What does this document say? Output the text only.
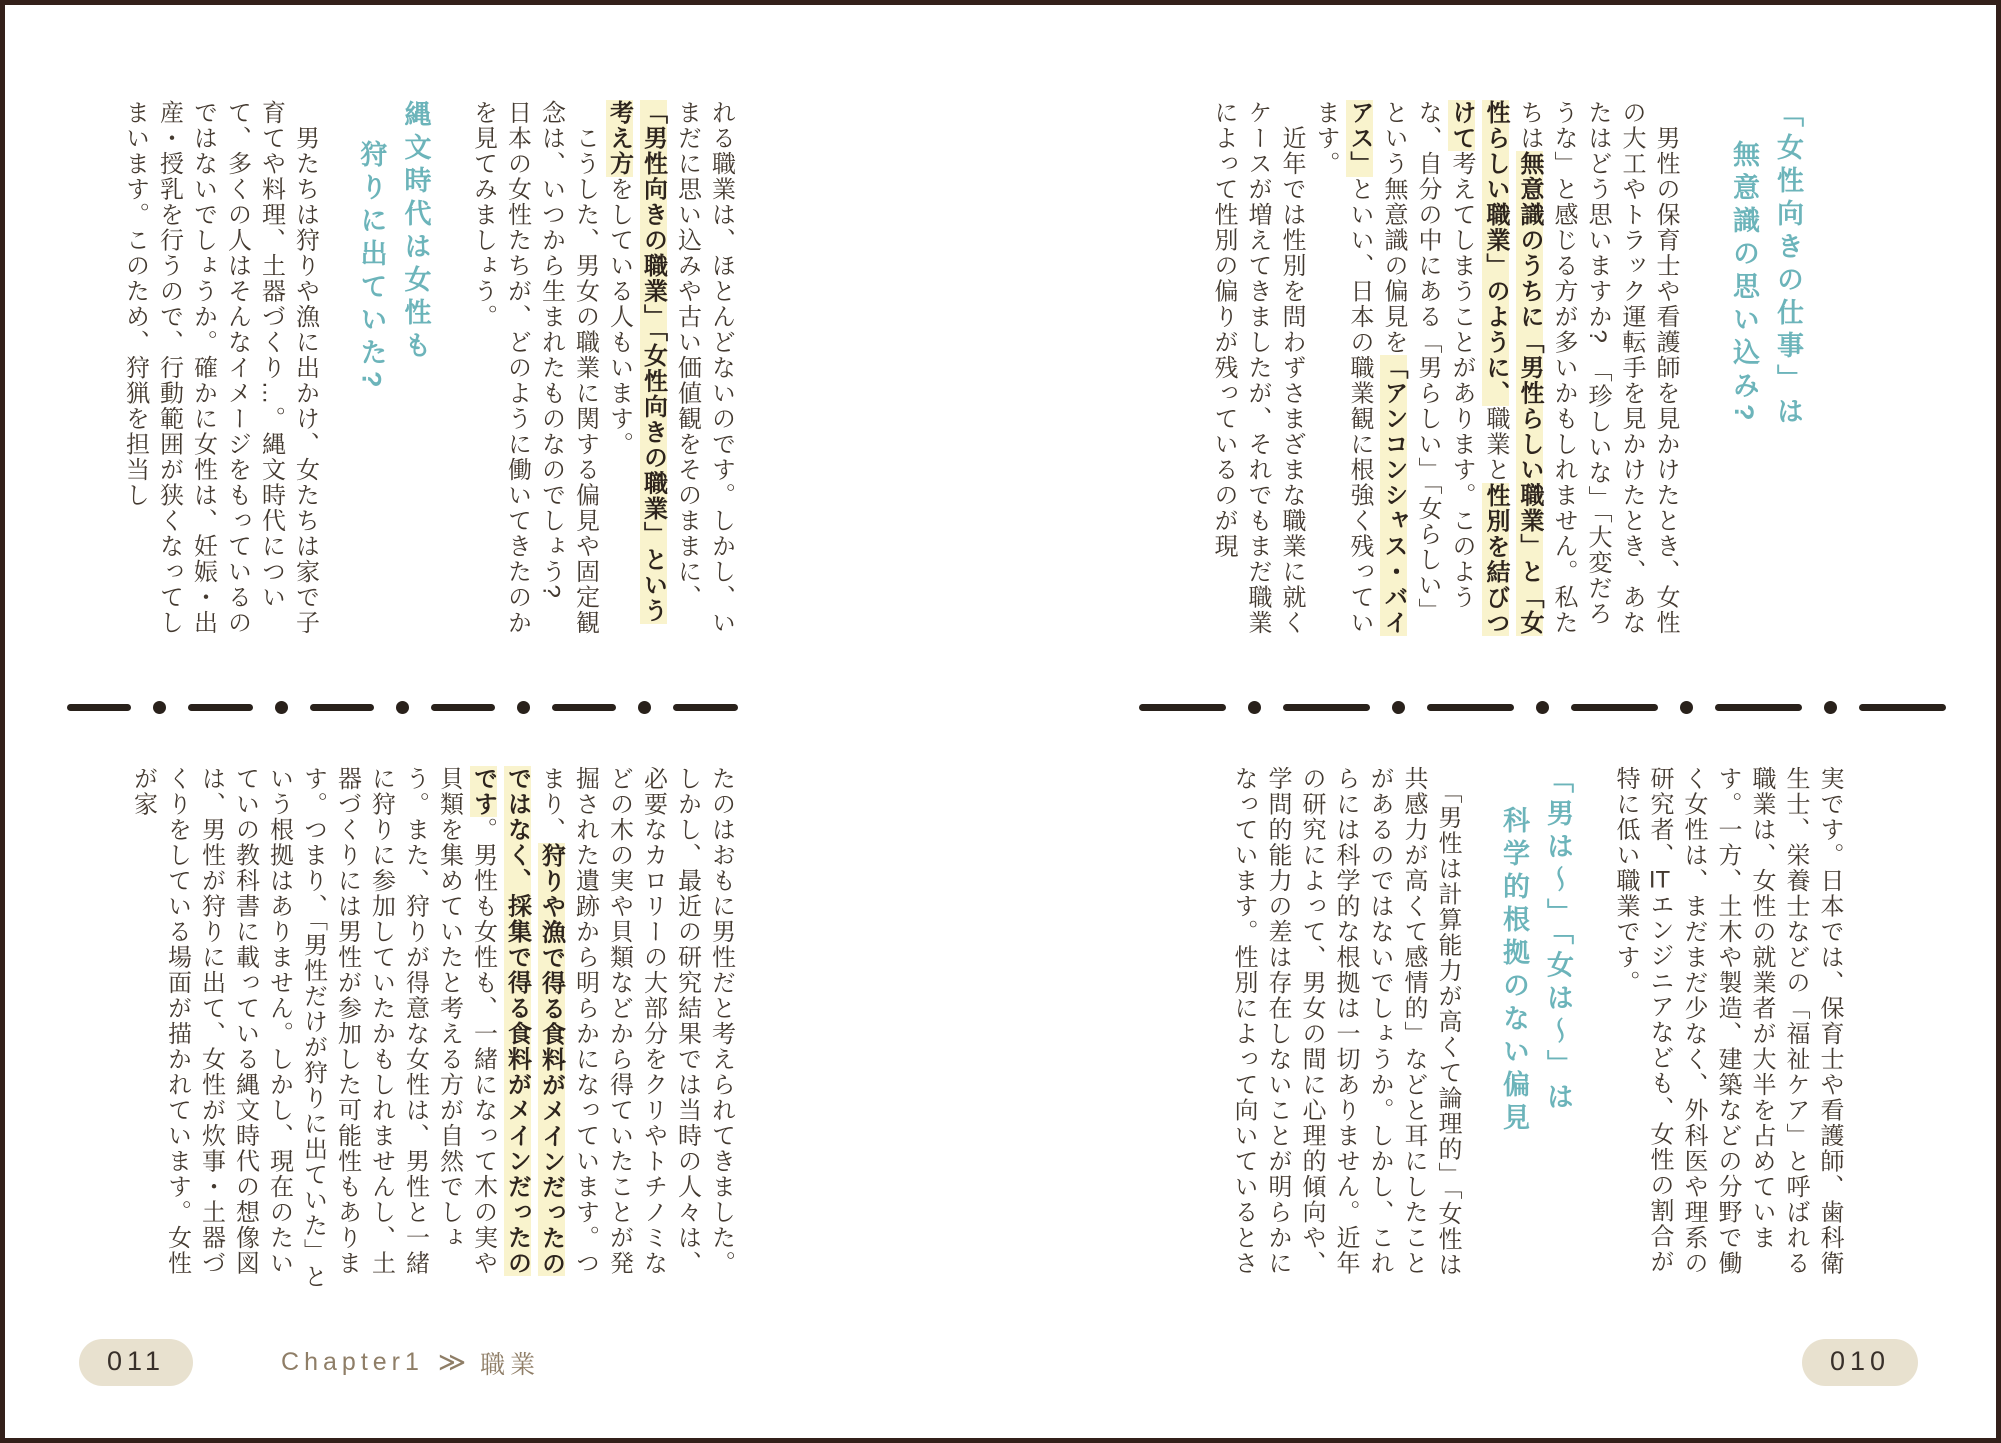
れる職業は、ほとんどないのです。しかし、いまだに思い込みや古い価値観をそのままに、「男性向きの職業」「女性向きの職業」という考え方をしている人もいます。

　こうした、男女の職業に関する偏見や固定観念は、いつから生まれたものなのでしょう?　日本の女性たちが、どのように働いてきたのかを見てみましょう。

縄文時代は女性も
狩りに出ていた?

　男たちは狩りや漁に出かけ、女たちは家で子育てや料理、土器づくり…。縄文時代について、多くの人はそんなイメージをもっているのではないでしょうか。確かに女性は、妊娠・出産・授乳を行うので、行動範囲が狭くなってしまいます。このため、狩猟を担当し

たのはおもに男性だと考えられてきました。しかし、最近の研究結果では当時の人々は、必要なカロリーの大部分をクリやトチノミなどの木の実や貝類などから得ていたことが発掘された遺跡から明らかになっています。つまり、狩りや漁で得る食料がメインだったのではなく、採集で得る食料がメインだったのです。男性も女性も、一緒になって木の実や貝類を集めていたと考える方が自然でしょう。また、狩りが得意な女性は、男性と一緒に狩りに参加していたかもしれませんし、土器づくりには男性が参加した可能性もあります。つまり、「男性だけが狩りに出ていた」という根拠はありません。しかし、現在のたいていの教科書に載っている縄文時代の想像図は、男性が狩りに出て、女性が炊事・土器づくりをしている場面が描かれています。女性が家

「女性向きの仕事」は
無意識の思い込み?

　男性の保育士や看護師を見かけたとき、女性の大工やトラック運転手を見かけたとき、あなたはどう思いますか?　「珍しいな」「大変だろうな」と感じる方が多いかもしれません。私たちは無意識のうちに「男性らしい職業」と「女性らしい職業」のように、職業と性別を結びつけて考えてしまうことがあります。このような、自分の中にある「男らしい」「女らしい」という無意識の偏見を「アンコンシャス・バイアス」といい、日本の職業観に根強く残っています。

　近年では性別を問わずさまざまな職業に就くケースが増えてきましたが、それでもまだ職業によって性別の偏りが残っているのが現

実です。日本では、保育士や看護師、歯科衛生士、栄養士などの「福祉ケア」と呼ばれる職業は、女性の就業者が大半を占めています。一方、土木や製造、建築などの分野で働く女性は、まだまだ少なく、外科医や理系の研究者、ITエンジニアなども、女性の割合が特に低い職業です。

「男は〜」「女は〜」は
科学的根拠のない偏見

　「男性は計算能力が高くて論理的」「女性は共感力が高くて感情的」などと耳にしたことがあるのではないでしょうか。しかし、これらには科学的な根拠は一切ありません。近年の研究によって、男女の間に心理的傾向や、学問的能力の差は存在しないことが明らかになっています。性別によって向いているとさ

011	Chapter1 ≫ 職業	010
